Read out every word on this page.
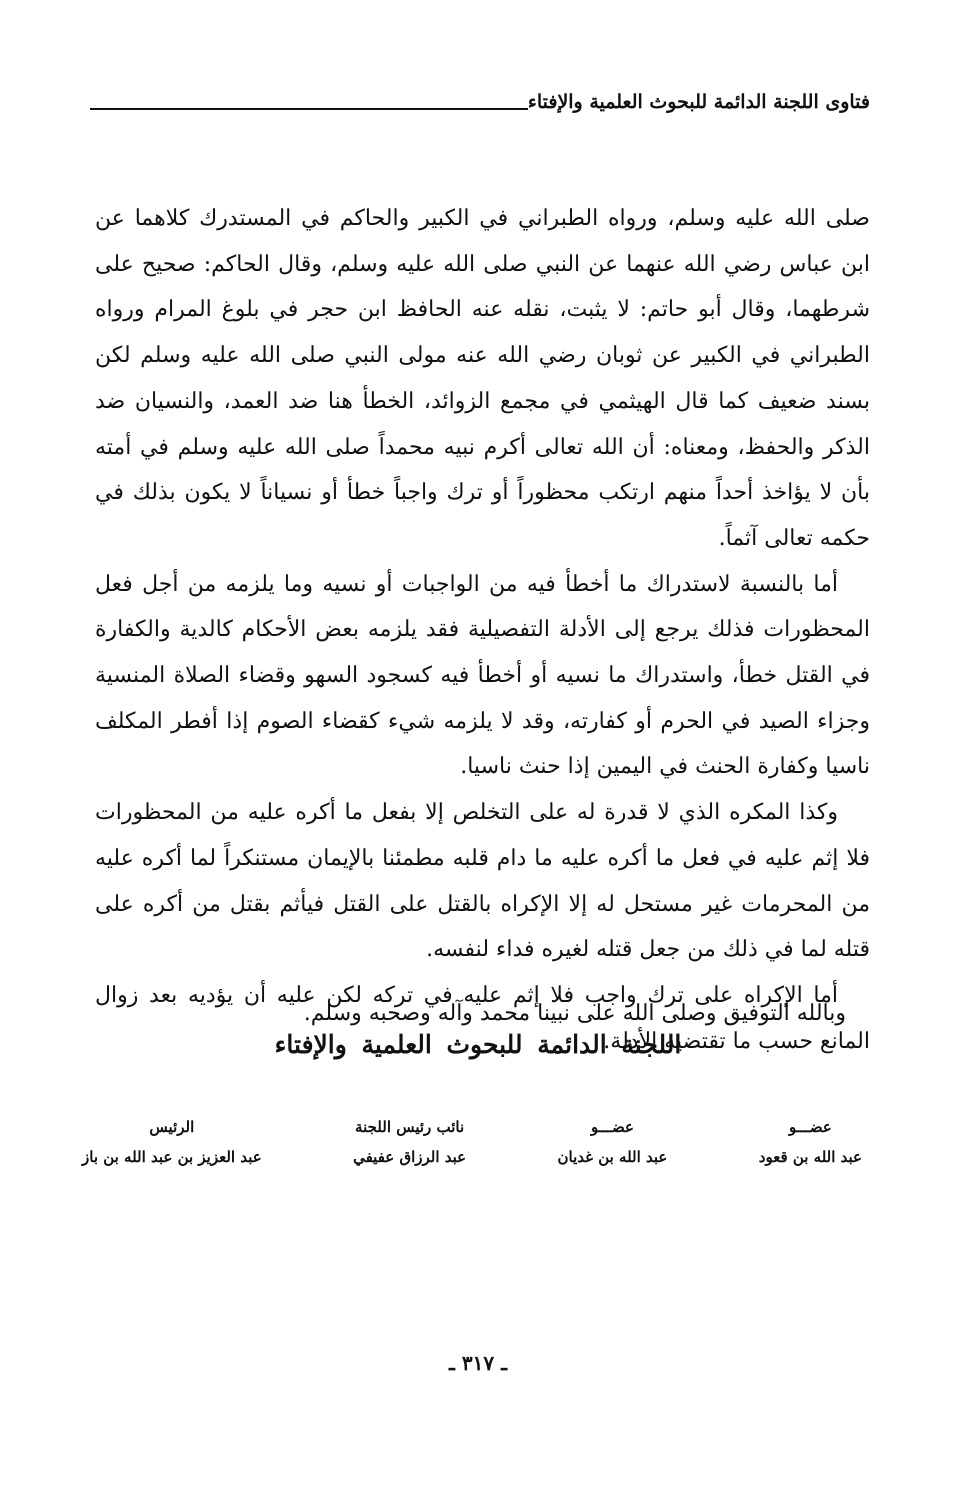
فتاوى اللجنة الدائمة للبحوث العلمية والإفتاء

صلى الله عليه وسلم، ورواه الطبراني في الكبير والحاكم في المستدرك كلاهما عن ابن عباس رضي الله عنهما عن النبي صلى الله عليه وسلم، وقال الحاكم: صحيح على شرطهما، وقال أبو حاتم: لا يثبت، نقله عنه الحافظ ابن حجر في بلوغ المرام ورواه الطبراني في الكبير عن ثوبان رضي الله عنه مولى النبي صلى الله عليه وسلم لكن بسند ضعيف كما قال الهيثمي في مجمع الزوائد، الخطأ هنا ضد العمد، والنسيان ضد الذكر والحفظ، ومعناه: أن الله تعالى أكرم نبيه محمداً صلى الله عليه وسلم في أمته بأن لا يؤاخذ أحداً منهم ارتكب محظوراً أو ترك واجباً خطأ أو نسياناً لا يكون بذلك في حكمه تعالى آثماً.

أما بالنسبة لاستدراك ما أخطأ فيه من الواجبات أو نسيه وما يلزمه من أجل فعل المحظورات فذلك يرجع إلى الأدلة التفصيلية فقد يلزمه بعض الأحكام كالدية والكفارة في القتل خطأ، واستدراك ما نسيه أو أخطأ فيه كسجود السهو وقضاء الصلاة المنسية وجزاء الصيد في الحرم أو كفارته، وقد لا يلزمه شيء كقضاء الصوم إذا أفطر المكلف ناسيا وكفارة الحنث في اليمين إذا حنث ناسيا.

وكذا المكره الذي لا قدرة له على التخلص إلا بفعل ما أكره عليه من المحظورات فلا إثم عليه في فعل ما أكره عليه ما دام قلبه مطمئنا بالإيمان مستنكراً لما أكره عليه من المحرمات غير مستحل له إلا الإكراه بالقتل على القتل فيأثم بقتل من أكره على قتله لما في ذلك من جعل قتله لغيره فداء لنفسه.

أما الإكراه على ترك واجب فلا إثم عليه في تركه لكن عليه أن يؤديه بعد زوال المانع حسب ما تقتضيه الأدلة.

وبالله التوفيق وصلى الله على نبينا محمد وآله وصحبه وسلم.
اللجنة الدائمة للبحوث العلمية والإفتاء
عضـــو
عبد الله بن قعود
عضـــو
عبد الله بن غديان
نائب رئيس اللجنة
عبد الرزاق عفيفي
الرئيس
عبد العزيز بن عبد الله بن باز
ـ ٣١٧ ـ
